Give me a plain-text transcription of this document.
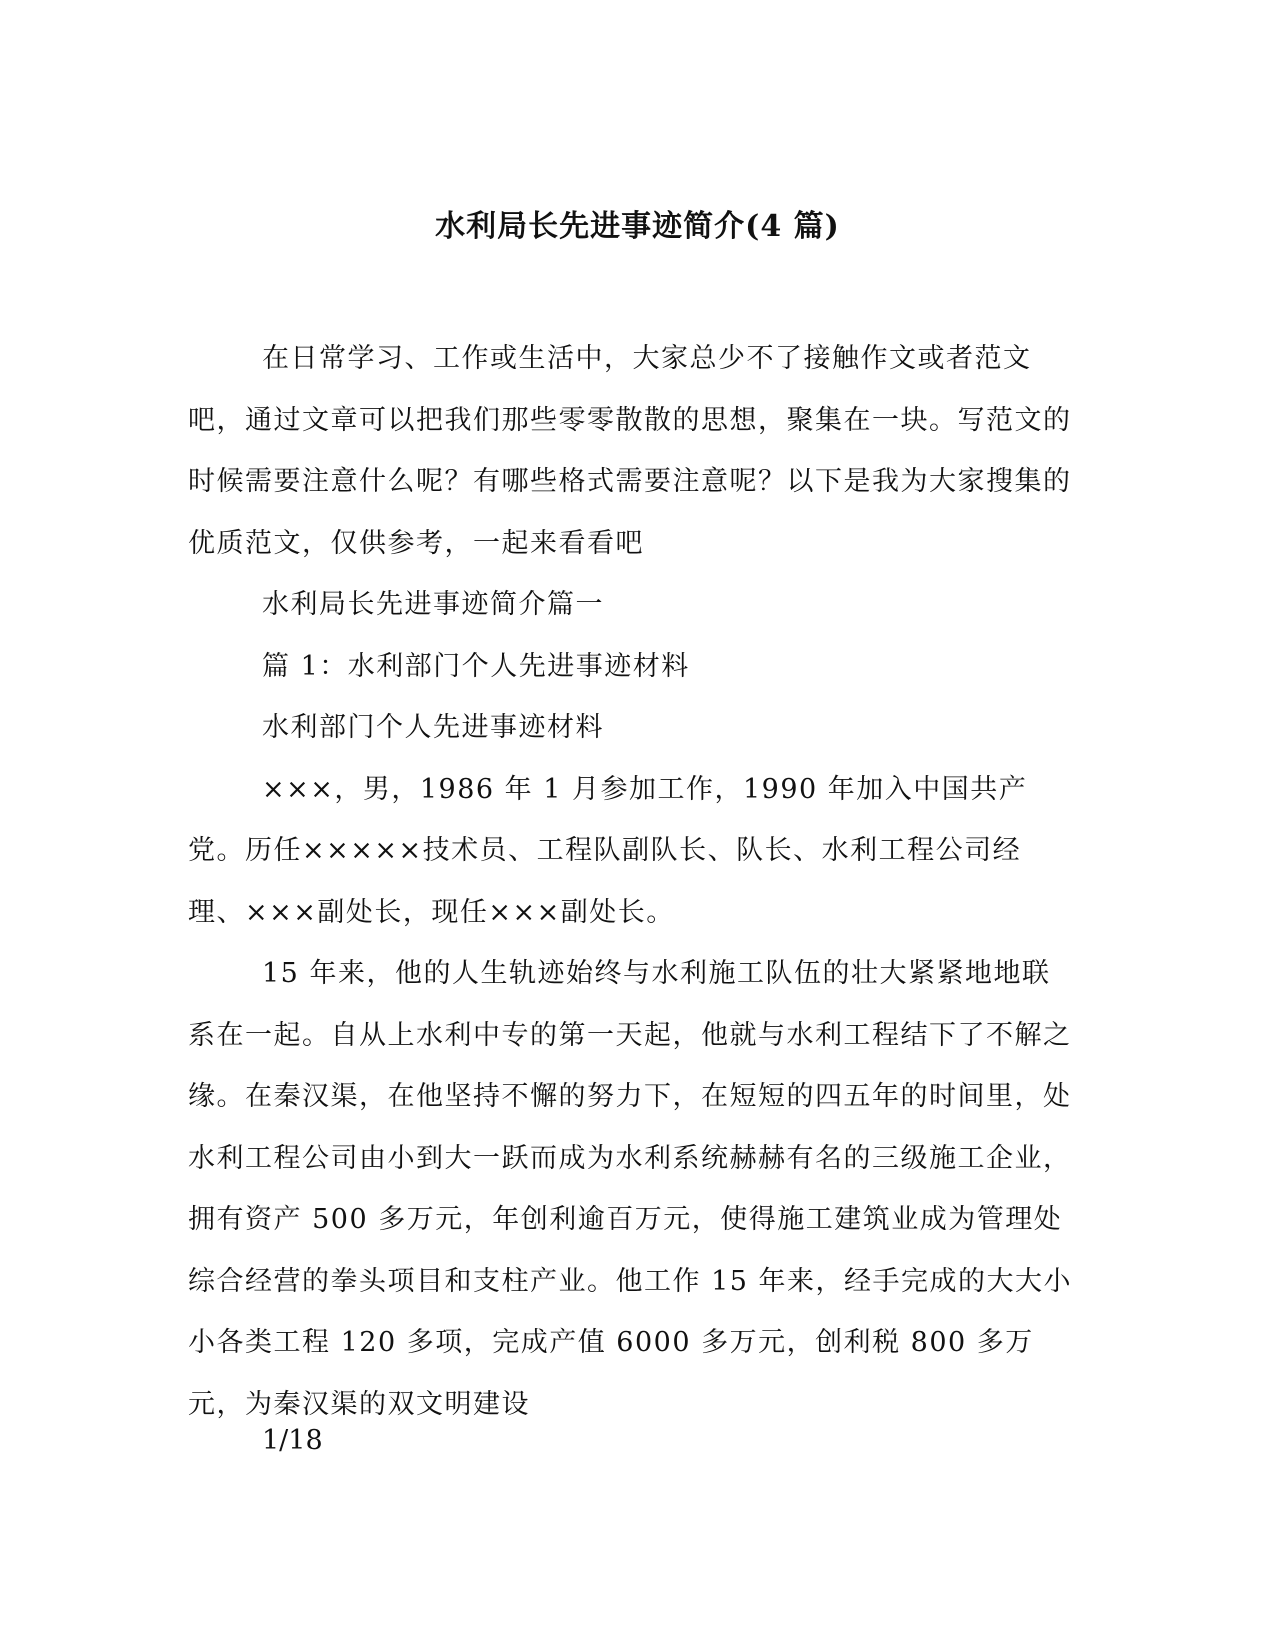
水利局长先进事迹简介(4 篇)

在日常学习、工作或生活中，大家总少不了接触作文或者范文吧，通过文章可以把我们那些零零散散的思想，聚集在一块。写范文的时候需要注意什么呢？有哪些格式需要注意呢？以下是我为大家搜集的优质范文，仅供参考，一起来看看吧

水利局长先进事迹简介篇一

篇 1：水利部门个人先进事迹材料

水利部门个人先进事迹材料

×××，男，1986 年 1 月参加工作，1990 年加入中国共产党。历任×××××技术员、工程队副队长、队长、水利工程公司经理、×××副处长，现任×××副处长。

15 年来，他的人生轨迹始终与水利施工队伍的壮大紧紧地地联系在一起。自从上水利中专的第一天起，他就与水利工程结下了不解之缘。在秦汉渠，在他坚持不懈的努力下，在短短的四五年的时间里，处水利工程公司由小到大一跃而成为水利系统赫赫有名的三级施工企业，拥有资产 500 多万元，年创利逾百万元，使得施工建筑业成为管理处综合经营的拳头项目和支柱产业。他工作 15 年来，经手完成的大大小小各类工程 120 多项，完成产值 6000 多万元，创利税 800 多万元，为秦汉渠的双文明建设

1/18
